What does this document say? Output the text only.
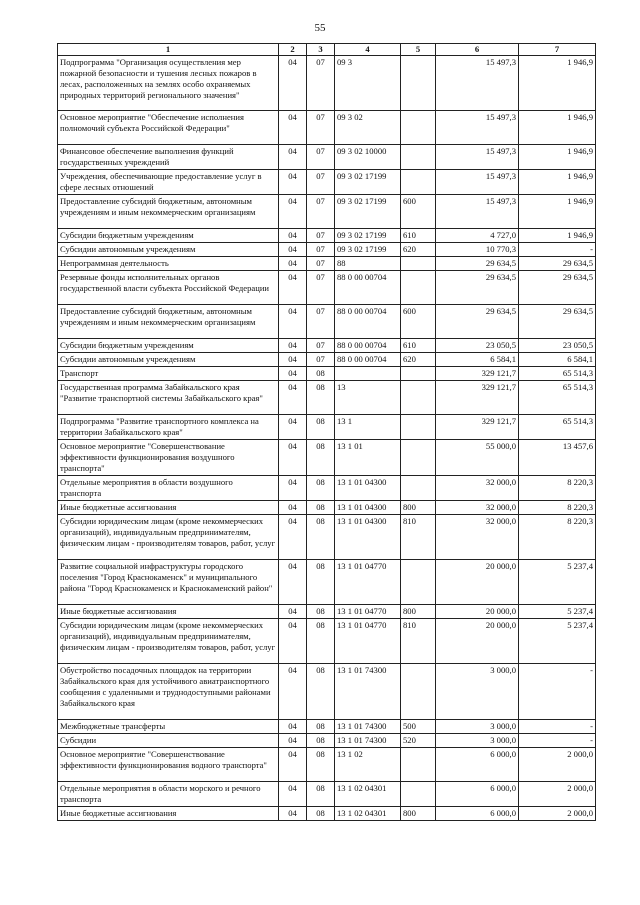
55
1	2	3	4	5	6	7
Подпрограмма "Организация осуществления мер пожарной безопасности и тушения лесных пожаров в лесах, расположенных на землях особо охраняемых природных территорий регионального значения"	04	07	09 3		15 497,3	1 946,9
Основное мероприятие "Обеспечение исполнения полномочий субъекта Российской Федерации"	04	07	09 3 02		15 497,3	1 946,9
Финансовое обеспечение выполнения функций государственных учреждений	04	07	09 3 02 10000		15 497,3	1 946,9
Учреждения, обеспечивающие предоставление услуг в сфере лесных отношений	04	07	09 3 02 17199		15 497,3	1 946,9
Предоставление субсидий бюджетным, автономным учреждениям и иным некоммерческим организациям	04	07	09 3 02 17199	600	15 497,3	1 946,9
Субсидии бюджетным учреждениям	04	07	09 3 02 17199	610	4 727,0	1 946,9
Субсидии автономным учреждениям	04	07	09 3 02 17199	620	10 770,3	-
Непрограммная деятельность	04	07	88		29 634,5	29 634,5
Резервные фонды исполнительных органов государственной власти субъекта Российской Федерации	04	07	88 0 00 00704		29 634,5	29 634,5
Предоставление субсидий бюджетным, автономным учреждениям и иным некоммерческим организациям	04	07	88 0 00 00704	600	29 634,5	29 634,5
Субсидии бюджетным учреждениям	04	07	88 0 00 00704	610	23 050,5	23 050,5
Субсидии автономным учреждениям	04	07	88 0 00 00704	620	6 584,1	6 584,1
Транспорт	04	08			329 121,7	65 514,3
Государственная программа Забайкальского края "Развитие транспортной системы Забайкальского края"	04	08	13		329 121,7	65 514,3
Подпрограмма "Развитие транспортного комплекса на территории Забайкальского края"	04	08	13 1		329 121,7	65 514,3
Основное мероприятие "Совершенствование эффективности функционирования воздушного транспорта"	04	08	13 1 01		55 000,0	13 457,6
Отдельные мероприятия в области воздушного транспорта	04	08	13 1 01 04300		32 000,0	8 220,3
Иные бюджетные ассигнования	04	08	13 1 01 04300	800	32 000,0	8 220,3
Субсидии юридическим лицам (кроме некоммерческих организаций), индивидуальным предпринимателям, физическим лицам - производителям товаров, работ, услуг	04	08	13 1 01 04300	810	32 000,0	8 220,3
Развитие социальной инфраструктуры городского поселения "Город Краснокаменск" и муниципального района "Город Краснокаменск и Краснокаменский район"	04	08	13 1 01 04770		20 000,0	5 237,4
Иные бюджетные ассигнования	04	08	13 1 01 04770	800	20 000,0	5 237,4
Субсидии юридическим лицам (кроме некоммерческих организаций), индивидуальным предпринимателям, физическим лицам - производителям товаров, работ, услуг	04	08	13 1 01 04770	810	20 000,0	5 237,4
Обустройство посадочных площадок на территории Забайкальского края для устойчивого авиатранспортного сообщения с удаленными и труднодоступными районами Забайкальского края	04	08	13 1 01 74300		3 000,0	-
Межбюджетные трансферты	04	08	13 1 01 74300	500	3 000,0	-
Субсидии	04	08	13 1 01 74300	520	3 000,0	-
Основное мероприятие "Совершенствование эффективности функционирования водного транспорта"	04	08	13 1 02		6 000,0	2 000,0
Отдельные мероприятия в области морского и речного транспорта	04	08	13 1 02 04301		6 000,0	2 000,0
Иные бюджетные ассигнования	04	08	13 1 02 04301	800	6 000,0	2 000,0
